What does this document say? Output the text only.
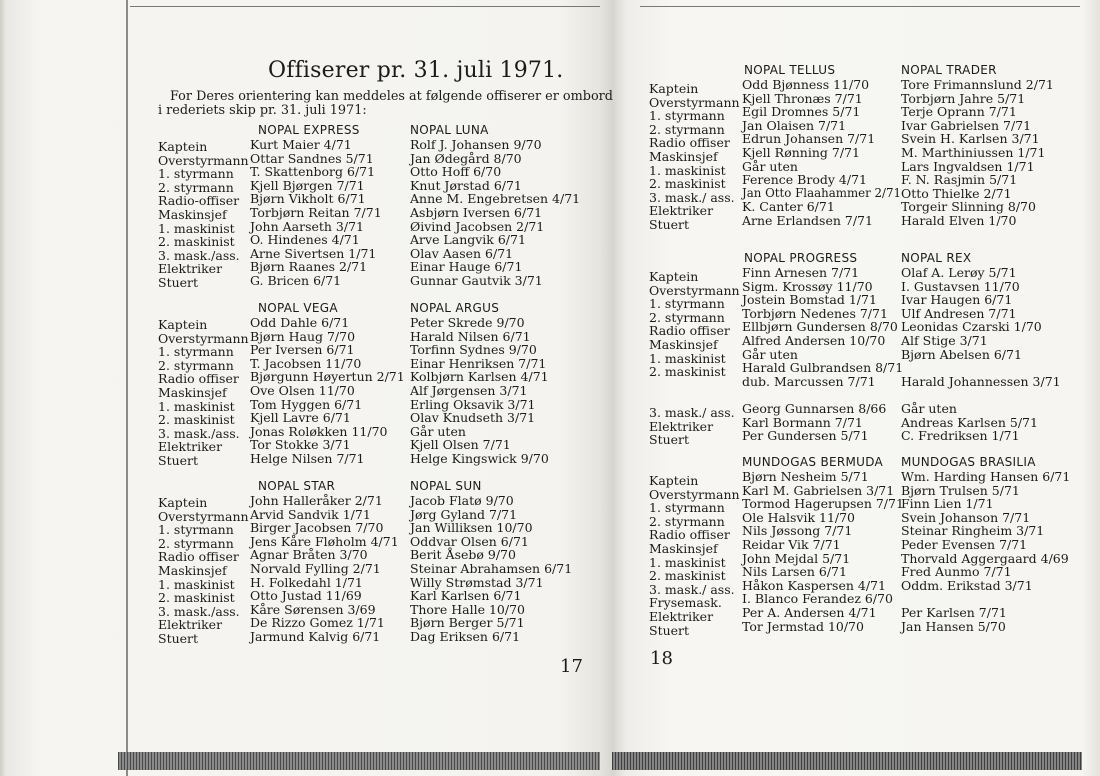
Offiserer pr. 31. juli 1971.
For Deres orientering kan meddeles at følgende offiserer er ombord
i rederiets skip pr. 31. juli 1971:
17
Kaptein
Overstyrmann
1. styrmann
2. styrmann
Radio-offiser
Maskinsjef
1. maskinist
2. maskinist
3. mask./ass.
Elektriker
Stuert
NOPAL EXPRESS
Kurt Maier 4/71
Ottar Sandnes 5/71
T. Skattenborg 6/71
Kjell Bjørgen 7/71
Bjørn Vikholt 6/71
Torbjørn Reitan 7/71
John Aarseth 3/71
O. Hindenes 4/71
Arne Sivertsen 1/71
Bjørn Raanes 2/71
G. Bricen 6/71
NOPAL LUNA
Rolf J. Johansen 9/70
Jan Ødegård 8/70
Otto Hoff 6/70
Knut Jørstad 6/71
Anne M. Engebretsen 4/71
Asbjørn Iversen 6/71
Øivind Jacobsen 2/71
Arve Langvik 6/71
Olav Aasen 6/71
Einar Hauge 6/71
Gunnar Gautvik 3/71
Kaptein
Overstyrmann
1. styrmann
2. styrmann
Radio offiser
Maskinsjef
1. maskinist
2. maskinist
3. mask./ass.
Elektriker
Stuert
NOPAL VEGA
Odd Dahle 6/71
Bjørn Haug 7/70
Per Iversen 6/71
T. Jacobsen 11/70
Bjørgunn Høyertun 2/71
Ove Olsen 11/70
Tom Hyggen 6/71
Kjell Lavre 6/71
Jonas Roløkken 11/70
Tor Stokke 3/71
Helge Nilsen 7/71
NOPAL ARGUS
Peter Skrede 9/70
Harald Nilsen 6/71
Torfinn Sydnes 9/70
Einar Henriksen 7/71
Kolbjørn Karlsen 4/71
Alf Jørgensen 3/71
Erling Oksavik 3/71
Olav Knudseth 3/71
Går uten
Kjell Olsen 7/71
Helge Kingswick 9/70
Kaptein
Overstyrmann
1. styrmann
2. styrmann
Radio offiser
Maskinsjef
1. maskinist
2. maskinist
3. mask./ass.
Elektriker
Stuert
NOPAL STAR
John Halleråker 2/71
Arvid Sandvik 1/71
Birger Jacobsen 7/70
Jens Kåre Fløholm 4/71
Agnar Bråten 3/70
Norvald Fylling 2/71
H. Folkedahl 1/71
Otto Justad 11/69
Kåre Sørensen 3/69
De Rizzo Gomez 1/71
Jarmund Kalvig 6/71
NOPAL SUN
Jacob Flatø 9/70
Jørg Gyland 7/71
Jan Williksen 10/70
Oddvar Olsen 6/71
Berit Åsebø 9/70
Steinar Abrahamsen 6/71
Willy Strømstad 3/71
Karl Karlsen 6/71
Thore Halle 10/70
Bjørn Berger 5/71
Dag Eriksen 6/71
18
Kaptein
Overstyrmann
1. styrmann
2. styrmann
Radio offiser
Maskinsjef
1. maskinist
2. maskinist
3. mask./ ass.
Elektriker
Stuert
NOPAL TELLUS
Odd Bjønness 11/70
Kjell Thronæs 7/71
Egil Dromnes 5/71
Jan Olaisen 7/71
Edrun Johansen 7/71
Kjell Rønning 7/71
Går uten
Ference Brody 4/71
Jan Otto Flaahammer 2/71
K. Canter 6/71
Arne Erlandsen 7/71
NOPAL TRADER
Tore Frimannslund 2/71
Torbjørn Jahre 5/71
Terje Oprann 7/71
Ivar Gabrielsen 7/71
Svein H. Karlsen 3/71
M. Marthiniussen 1/71
Lars Ingvaldsen 1/71
F. N. Rasjmin 5/71
Otto Thielke 2/71
Torgeir Slinning 8/70
Harald Elven 1/70
Kaptein
Overstyrmann
1. styrmann
2. styrmann
Radio offiser
Maskinsjef
1. maskinist
2. maskinist
3. mask./ ass.
Elektriker
Stuert
NOPAL PROGRESS
Finn Arnesen 7/71
Sigm. Krossøy 11/70
Jostein Bomstad 1/71
Torbjørn Nedenes 7/71
Ellbjørn Gundersen 8/70
Alfred Andersen 10/70
Går uten
Harald Gulbrandsen 8/71
dub. Marcussen 7/71
Georg Gunnarsen 8/66
Karl Bormann 7/71
Per Gundersen 5/71
NOPAL REX
Olaf A. Lerøy 5/71
I. Gustavsen 11/70
Ivar Haugen 6/71
Ulf Andresen 7/71
Leonidas Czarski 1/70
Alf Stige 3/71
Bjørn Abelsen 6/71
Harald Johannessen 3/71
Går uten
Andreas Karlsen 5/71
C. Fredriksen 1/71
Kaptein
Overstyrmann
1. styrmann
2. styrmann
Radio offiser
Maskinsjef
1. maskinist
2. maskinist
3. mask./ ass.
Frysemask.
Elektriker
Stuert
MUNDOGAS BERMUDA
Bjørn Nesheim 5/71
Karl M. Gabrielsen 3/71
Tormod Hagerupsen 7/71
Ole Halsvik 11/70
Nils Jøssong 7/71
Reidar Vik 7/71
John Mejdal 5/71
Nils Larsen 6/71
Håkon Kaspersen 4/71
I. Blanco Ferandez 6/70
Per A. Andersen 4/71
Tor Jermstad 10/70
MUNDOGAS BRASILIA
Wm. Harding Hansen 6/71
Bjørn Trulsen 5/71
Finn Lien 1/71
Svein Johanson 7/71
Steinar Ringheim 3/71
Peder Evensen 7/71
Thorvald Aggergaard 4/69
Fred Aunmo 7/71
Oddm. Erikstad 3/71
Per Karlsen 7/71
Jan Hansen 5/70
